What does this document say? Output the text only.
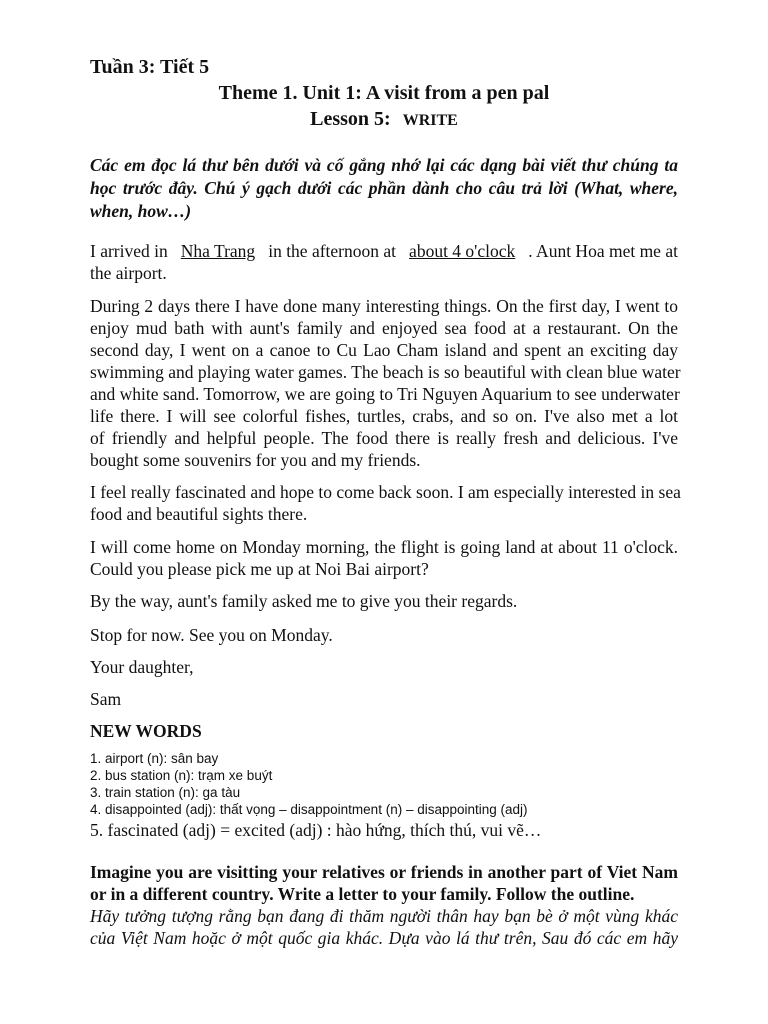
Tuần 3: Tiết 5
Theme 1. Unit 1: A visit from a pen pal
Lesson 5: WRITE
Các em đọc lá thư bên dưới và cố gắng nhớ lại các dạng bài viết thư chúng ta
học trước đây. Chú ý gạch dưới các phần dành cho câu trả lời (What, where,
when, how…)
I arrived in Nha Trang in the afternoon at about 4 o'clock . Aunt Hoa met me at
the airport.
During 2 days there I have done many interesting things. On the first day, I went to
enjoy mud bath with aunt's family and enjoyed sea food at a restaurant. On the
second day, I went on a canoe to Cu Lao Cham island and spent an exciting day
swimming and playing water games. The beach is so beautiful with clean blue water
and white sand. Tomorrow, we are going to Tri Nguyen Aquarium to see underwater
life there. I will see colorful fishes, turtles, crabs, and so on. I've also met a lot
of friendly and helpful people. The food there is really fresh and delicious. I've
bought some souvenirs for you and my friends.
I feel really fascinated and hope to come back soon. I am especially interested in sea
food and beautiful sights there.
I will come home on Monday morning, the flight is going land at about 11 o'clock.
Could you please pick me up at Noi Bai airport?
By the way, aunt's family asked me to give you their regards.
Stop for now. See you on Monday.
Your daughter,
Sam
NEW WORDS
1. airport (n): sân bay
2. bus station (n): trạm xe buýt
3. train station (n): ga tàu
4. disappointed (adj): thất vọng – disappointment (n) – disappointing (adj)
5. fascinated (adj) = excited (adj) : hào hứng, thích thú, vui vẽ…
Imagine you are visitting your relatives or friends in another part of Viet Nam
or in a different country. Write a letter to your family. Follow the outline.
Hãy tưởng tượng rằng bạn đang đi thăm người thân hay bạn bè ở một vùng khác
của Việt Nam hoặc ở một quốc gia khác. Dựa vào lá thư trên, Sau đó các em hãy
